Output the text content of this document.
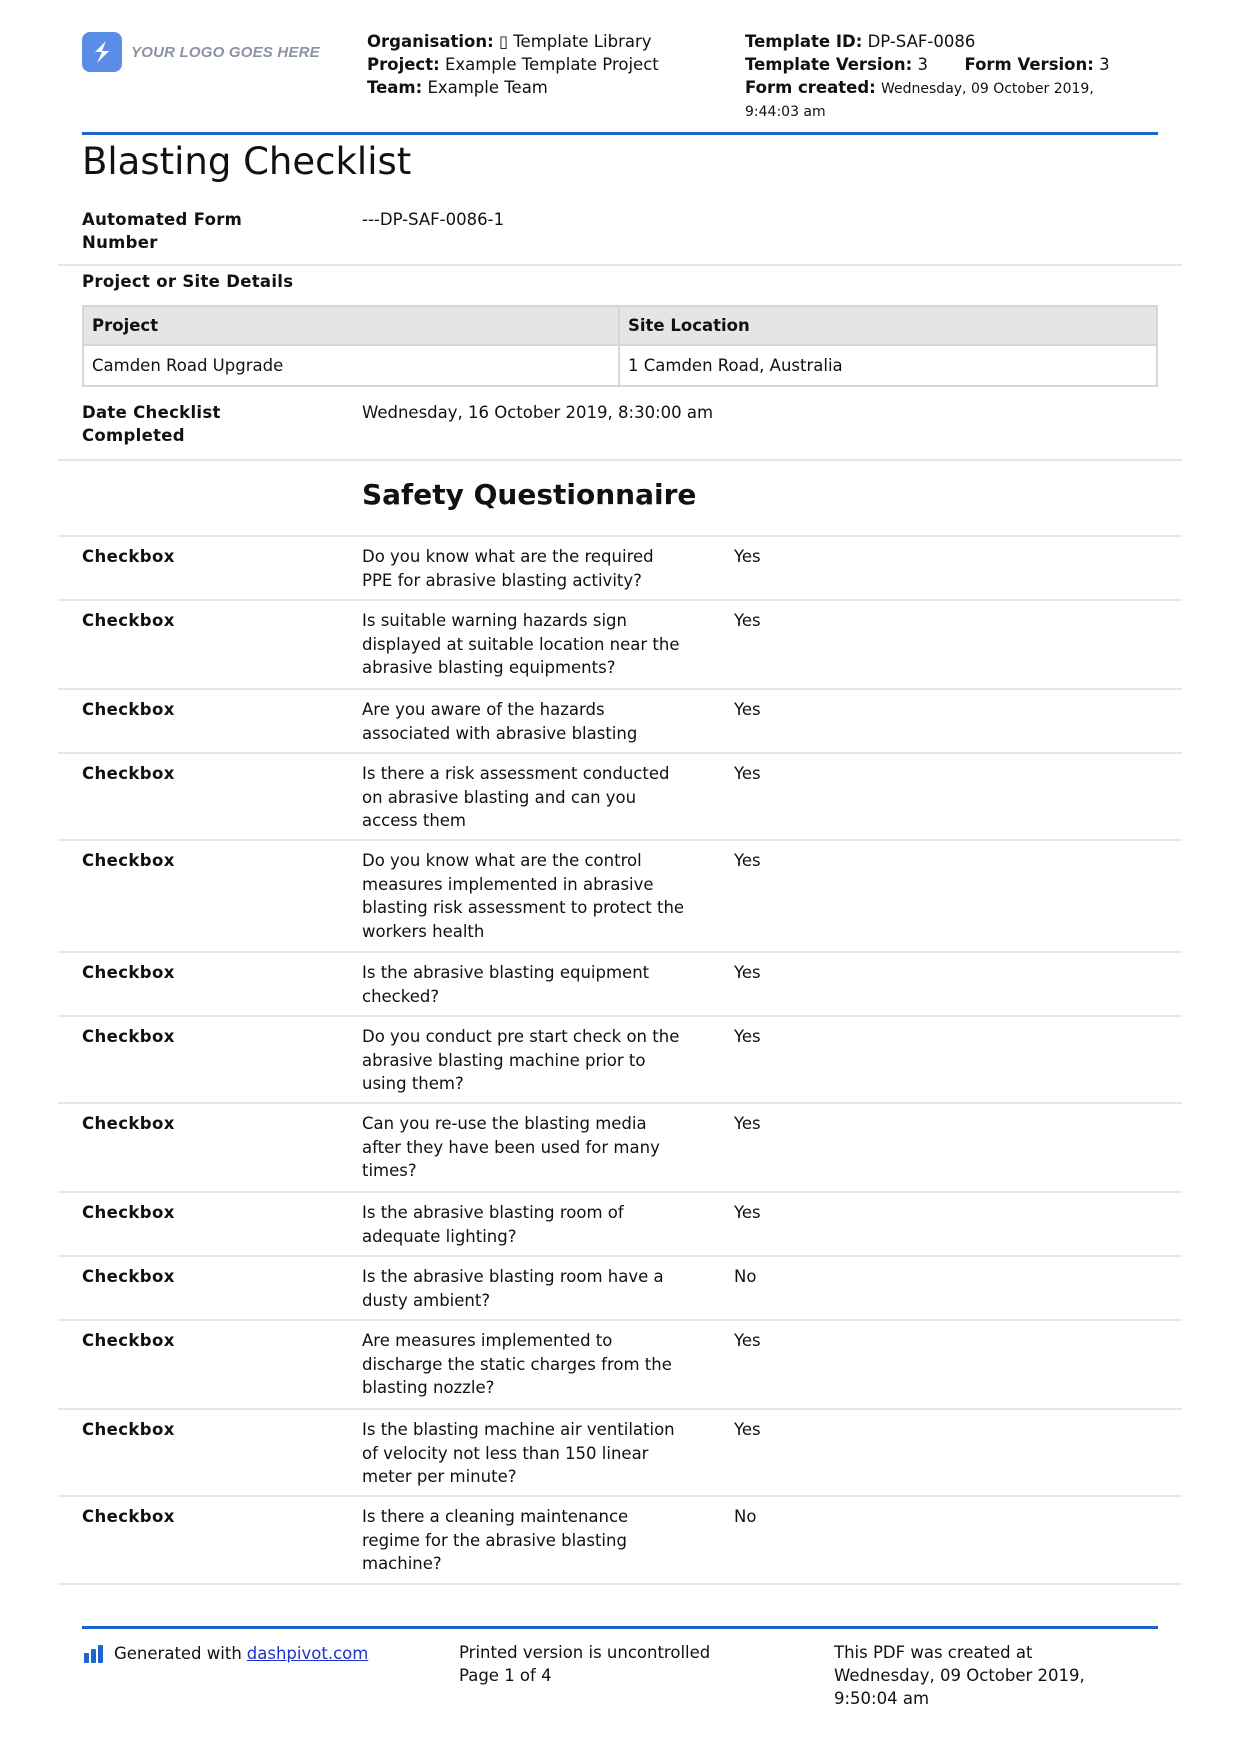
YOUR LOGO GOES HERE
Organisation: ▯ Template Library
Project: Example Template Project
Team: Example Team
Template ID: DP-SAF-0086
Template Version: 3 Form Version: 3
Form created: Wednesday, 09 October 2019,
9:44:03 am
Blasting Checklist
Automated Form
Number
---DP-SAF-0086-1
Project or Site Details
Project	Site Location
Camden Road Upgrade	1 Camden Road, Australia
Date Checklist
Completed
Wednesday, 16 October 2019, 8:30:00 am
Safety Questionnaire
Checkbox	Do you know what are the required
PPE for abrasive blasting activity?
Yes
Checkbox	Is suitable warning hazards sign
displayed at suitable location near the
abrasive blasting equipments?
Yes
Checkbox	Are you aware of the hazards
associated with abrasive blasting
Yes
Checkbox	Is there a risk assessment conducted
on abrasive blasting and can you
access them
Yes
Checkbox	Do you know what are the control
measures implemented in abrasive
blasting risk assessment to protect the
workers health
Yes
Checkbox	Is the abrasive blasting equipment
checked?
Yes
Checkbox	Do you conduct pre start check on the
abrasive blasting machine prior to
using them?
Yes
Checkbox	Can you re-use the blasting media
after they have been used for many
times?
Yes
Checkbox	Is the abrasive blasting room of
adequate lighting?
Yes
Checkbox	Is the abrasive blasting room have a
dusty ambient?
No
Checkbox	Are measures implemented to
discharge the static charges from the
blasting nozzle?
Yes
Checkbox	Is the blasting machine air ventilation
of velocity not less than 150 linear
meter per minute?
Yes
Checkbox	Is there a cleaning maintenance
regime for the abrasive blasting
machine?
No
Generated with dashpivot.com	Printed version is uncontrolled
Page 1 of 4
This PDF was created at
Wednesday, 09 October 2019,
9:50:04 am
